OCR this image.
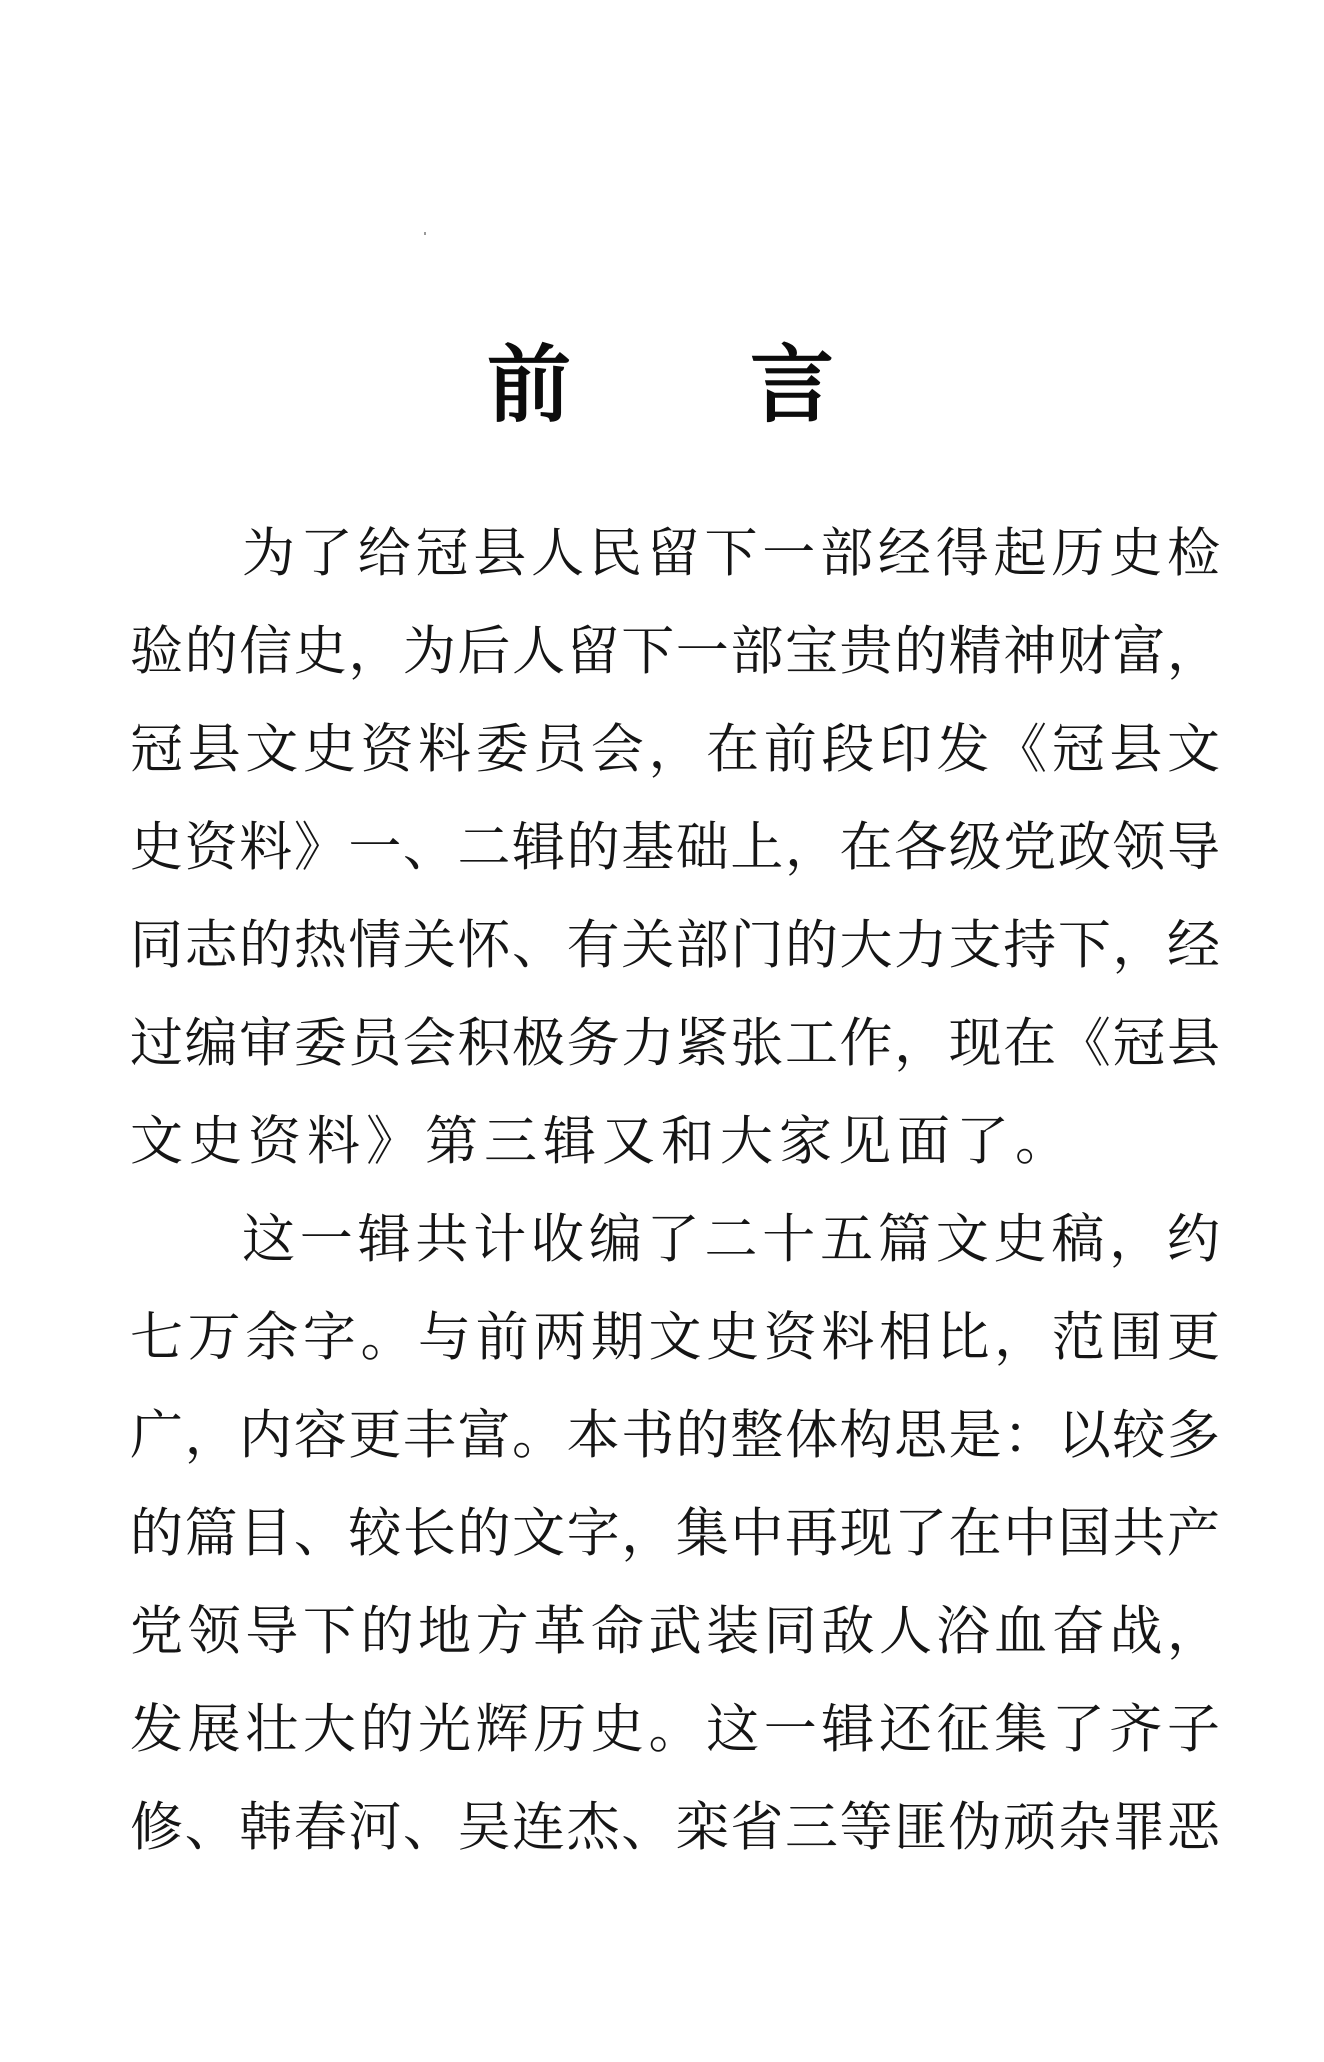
前 言
为了给冠县人民留下一部经得起历史检
验的信史，为后人留下一部宝贵的精神财富，
冠县文史资料委员会，在前段印发《冠县文
史资料》一、二辑的基础上，在各级党政领导
同志的热情关怀、有关部门的大力支持下，经
过编审委员会积极务力紧张工作，现在《冠县
文史资料》第三辑又和大家见面了。
这一辑共计收编了二十五篇文史稿，约
七万余字。与前两期文史资料相比，范围更
广，内容更丰富。本书的整体构思是：以较多
的篇目、较长的文字，集中再现了在中国共产
党领导下的地方革命武装同敌人浴血奋战，
发展壮大的光辉历史。这一辑还征集了齐子
修、韩春河、吴连杰、栾省三等匪伪顽杂罪恶
